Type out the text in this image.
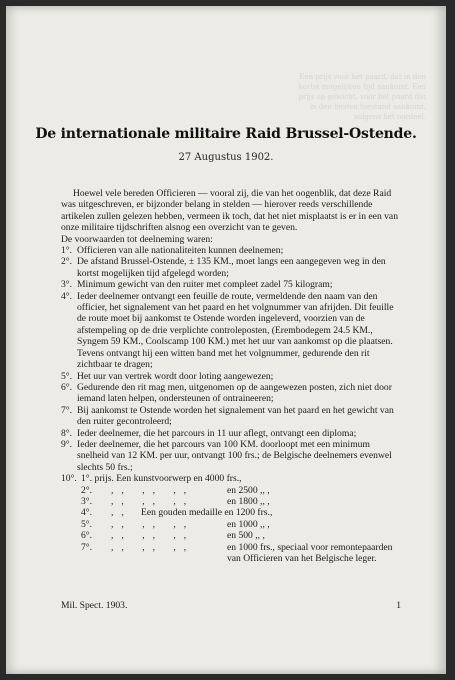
Een prijs voor het paard, dat in den kortst mogelijken tijd aankomt. Een prijs op gewicht, voor het paard dat in den besten toestand aankomt, volgens het oordeel.
De internationale militaire Raid Brussel-Ostende.
27 Augustus 1902.

Hoewel vele bereden Officieren — vooral zij, die van het oogenblik, dat deze Raid was uitgeschreven, er bijzonder belang in stelden — hierover reeds verschillende artikelen zullen gelezen hebben, vermeen ik toch, dat het niet misplaatst is er in een van onze militaire tijdschriften alsnog een overzicht van te geven.

De voorwaarden tot deelneming waren:

1°. Officieren van alle nationaliteiten kunnen deelnemen;
2°. De afstand Brussel-Ostende, ± 135 KM., moet langs een aangegeven weg in den kortst mogelijken tijd afgelegd worden;
3°. Minimum gewicht van den ruiter met compleet zadel 75 kilogram;
4°. Ieder deelnemer ontvangt een feuille de route, vermeldende den naam van den officier, het signalement van het paard en het volgnummer van afrijden. Dit feuille de route moet bij aankomst te Ostende worden ingeleverd, voorzien van de afstempeling op de drie verplichte controleposten, (Erembodegem 24.5 KM., Syngem 59 KM., Coolscamp 100 KM.) met het uur van aankomst op die plaatsen. Tevens ontvangt hij een witten band met het volgnummer, gedurende den rit zichtbaar te dragen;
5°. Het uur van vertrek wordt door loting aangewezen;
6°. Gedurende den rit mag men, uitgenomen op de aangewezen posten, zich niet door iemand laten helpen, ondersteunen of ontraineeren;
7°. Bij aankomst te Ostende worden het signalement van het paard en het gewicht van den ruiter gecontroleerd;
8°. Ieder deelnemer, die het parcours in 11 uur aflegt, ontvangt een diploma;
9°. Ieder deelnemer, die het parcours van 100 KM. doorloopt met een minimum snelheid van 12 KM. per uur, ontvangt 100 frs.; de Belgische deelnemers evenwel slechts 50 frs.;
10°. 1°. prijs. Een kunstvoorwerp en 4000 frs.,
2°.	,, ,, ,,	en 2500 ,, ,
3°.	,, ,, ,,	en 1800 ,, ,
4°.	,, Een gouden medaille en 1200 frs.,
5°.	,, ,, ,,	en 1000 ,, ,
6°.	,, ,, ,,	en 500 ,, ,
7°.	,, ,, ,,	en 1000 frs., speciaal voor remontepaarden van Officieren van het Belgische leger.
Mil. Spect. 1903.	1
